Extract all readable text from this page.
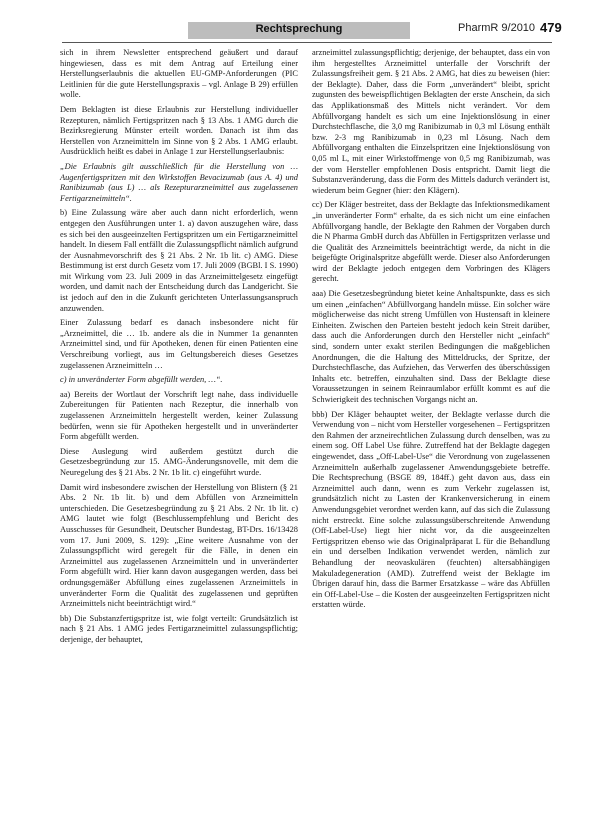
Rechtsprechung	PharmR 9/2010 479

sich in ihrem Newsletter entsprechend geäußert und darauf hingewiesen, dass es mit dem Antrag auf Erteilung einer Herstellungserlaubnis die aktuellen EU-GMP-Anforderungen (PIC Leitlinien für die gute Herstellungspraxis – vgl. Anlage B 29) erfüllen wolle.

Dem Beklagten ist diese Erlaubnis zur Herstellung individueller Rezepturen, nämlich Fertigspritzen nach § 13 Abs. 1 AMG durch die Bezirksregierung Münster erteilt worden. Danach ist ihm das Herstellen von Arzneimitteln im Sinne von § 2 Abs. 1 AMG erlaubt. Ausdrücklich heißt es dabei in Anlage 1 zur Herstellungserlaubnis:

„Die Erlaubnis gilt ausschließlich für die Herstellung von … Augenfertigspritzen mit den Wirkstoffen Bevacizumab (aus A. 4) und Ranibizumab (aus L) … als Rezepturarzneimittel aus zugelassenen Fertigarzneimitteln“.

b) Eine Zulassung wäre aber auch dann nicht erforderlich, wenn entgegen den Ausführungen unter 1. a) davon auszugehen wäre, dass es sich bei den ausgeeinzelten Fertigspritzen um ein Fertigarzneimittel handelt. In diesem Fall entfällt die Zulassungspflicht nämlich aufgrund der Ausnahmevorschrift des § 21 Abs. 2 Nr. 1b lit. c) AMG. Diese Bestimmung ist erst durch Gesetz vom 17. Juli 2009 (BGBl. I S. 1990) mit Wirkung vom 23. Juli 2009 in das Arzneimittelgesetz eingefügt worden, und damit nach der Entscheidung durch das Landgericht. Sie ist jedoch auf den in die Zukunft gerichteten Unterlassungsanspruch anzuwenden.

Einer Zulassung bedarf es danach insbesondere nicht für „Arzneimittel, die … 1b. andere als die in Nummer 1a genannten Arzneimittel sind, und für Apotheken, denen für einen Patienten eine Verschreibung vorliegt, aus im Geltungsbereich dieses Gesetzes zugelassenen Arzneimitteln …

c) in unveränderter Form abgefüllt werden, …“.

aa) Bereits der Wortlaut der Vorschrift legt nahe, dass individuelle Zubereitungen für Patienten nach Rezeptur, die innerhalb von zugelassenen Arzneimitteln hergestellt werden, keiner Zulassung bedürfen, wenn sie für Apotheken hergestellt und in unveränderter Form abgefüllt werden.

Diese Auslegung wird außerdem gestützt durch die Gesetzesbegründung zur 15. AMG-Änderungsnovelle, mit dem die Neuregelung des § 21 Abs. 2 Nr. 1b lit. c) eingeführt wurde.

Damit wird insbesondere zwischen der Herstellung von Blistern (§ 21 Abs. 2 Nr. 1b lit. b) und dem Abfüllen von Arzneimitteln unterschieden. Die Gesetzesbegründung zu § 21 Abs. 2 Nr. 1b lit. c) AMG lautet wie folgt (Beschlussempfehlung und Bericht des Ausschusses für Gesundheit, Deutscher Bundestag, BT-Drs. 16/13428 vom 17. Juni 2009, S. 129): „Eine weitere Ausnahme von der Zulassungspflicht wird geregelt für die Fälle, in denen ein Arzneimittel aus zugelassenen Arzneimitteln und in unveränderter Form abgefüllt wird. Hier kann davon ausgegangen werden, dass bei ordnungsgemäßer Abfüllung eines zugelassenen Arzneimittels in unveränderter Form die Qualität des zugelassenen und geprüften Arzneimittels nicht beeinträchtigt wird.“

bb) Die Substanzfertigspritze ist, wie folgt verteilt: Grundsätzlich ist nach § 21 Abs. 1 AMG jedes Fertigarzneimittel zulassungspflichtig; derjenige, der behauptet,

arzneimittel zulassungspflichtig; derjenige, der behauptet, dass ein von ihm hergestelltes Arzneimittel unterfalle der Vorschrift der Zulassungsfreiheit gem. § 21 Abs. 2 AMG, hat dies zu beweisen (hier: der Beklagte). Daher, dass die Form „unverändert“ bleibt, spricht zugunsten des beweispflichtigen Beklagten der erste Anschein, da sich das Applikationsmaß des Mittels nicht verändert. Vor dem Abfüllvorgang handelt es sich um eine Injektionslösung in einer Durchstechflasche, die 3,0 mg Ranibizumab in 0,3 ml Lösung enthält bzw. 2-3 mg Ranibizumab in 0,23 ml Lösung. Nach dem Abfüllvorgang enthalten die Einzelspritzen eine Injektionslösung von 0,05 ml L, mit einer Wirkstoffmenge von 0,5 mg Ranibizumab, was der vom Hersteller empfohlenen Dosis entspricht. Damit liegt die Substanzveränderung, dass die Form des Mittels dadurch verändert ist, wiederum beim Gegner (hier: den Klägern).

cc) Der Kläger bestreitet, dass der Beklagte das Infektionsmedikament „in unveränderter Form“ erhalte, da es sich nicht um eine einfachen Abfüllvorgang handle, der Beklagte den Rahmen der Vorgaben durch die N Pharma GmbH durch das Abfüllen in Fertigspritzen verlasse und die Qualität des Arzneimittels beeinträchtigt werde, da nicht in die beigefügte Originalspritze abgefüllt werde. Dieser also Anforderungen wird der Beklagte jedoch entgegen dem Vorbringen des Klägers gerecht.

aaa) Die Gesetzesbegründung bietet keine Anhaltspunkte, dass es sich um einen „einfachen“ Abfüllvorgang handeln müsse. Ein solcher wäre möglicherweise das nicht streng Umfüllen von Hustensaft in kleinere Einheiten. Zwischen den Parteien besteht jedoch kein Streit darüber, dass auch die Anforderungen durch den Hersteller nicht „einfach“ sind, sondern unter exakt sterilen Bedingungen die maßgeblichen Anordnungen, die die Haltung des Mitteldrucks, der Spritze, der Durchstechflasche, das Aufziehen, das Verwerfen des überschüssigen Inhalts etc. betreffen, einzuhalten sind. Dass der Beklagte diese Voraussetzungen in seinem Reinraumlabor erfüllt kommt es auf die Schwierigkeit des technischen Vorgangs nicht an.

bbb) Der Kläger behauptet weiter, der Beklagte verlasse durch die Verwendung von – nicht vom Hersteller vorgesehenen – Fertigspritzen den Rahmen der arzneirechtlichen Zulassung durch denselben, was zu einem sog. Off Label Use führe. Zutreffend hat der Beklagte dagegen eingewendet, dass „Off-Label-Use“ die Verordnung von zugelassenen Arzneimitteln außerhalb zugelassener Anwendungsgebiete betreffe. Die Rechtsprechung (BSGE 89, 184ff.) geht davon aus, dass ein Arzneimittel auch dann, wenn es zum Verkehr zugelassen ist, grundsätzlich nicht zu Lasten der Krankenversicherung in einem Anwendungsgebiet verordnet werden kann, auf das sich die Zulassung nicht erstreckt. Eine solche zulassungsüberschreitende Anwendung (Off-Label-Use) liegt hier nicht vor, da die ausgeeinzelten Fertigspritzen ebenso wie das Originalpräparat L für die Behandlung ein und derselben Indikation verwendet werden, nämlich zur Behandlung der neovaskulären (feuchten) altersabhängigen Makuladegeneration (AMD). Zutreffend weist der Beklagte im Übrigen darauf hin, dass die Barmer Ersatzkasse – wäre das Abfüllen ein Off-Label-Use – die Kosten der ausgeeinzelten Fertigspritzen nicht erstatten würde.
